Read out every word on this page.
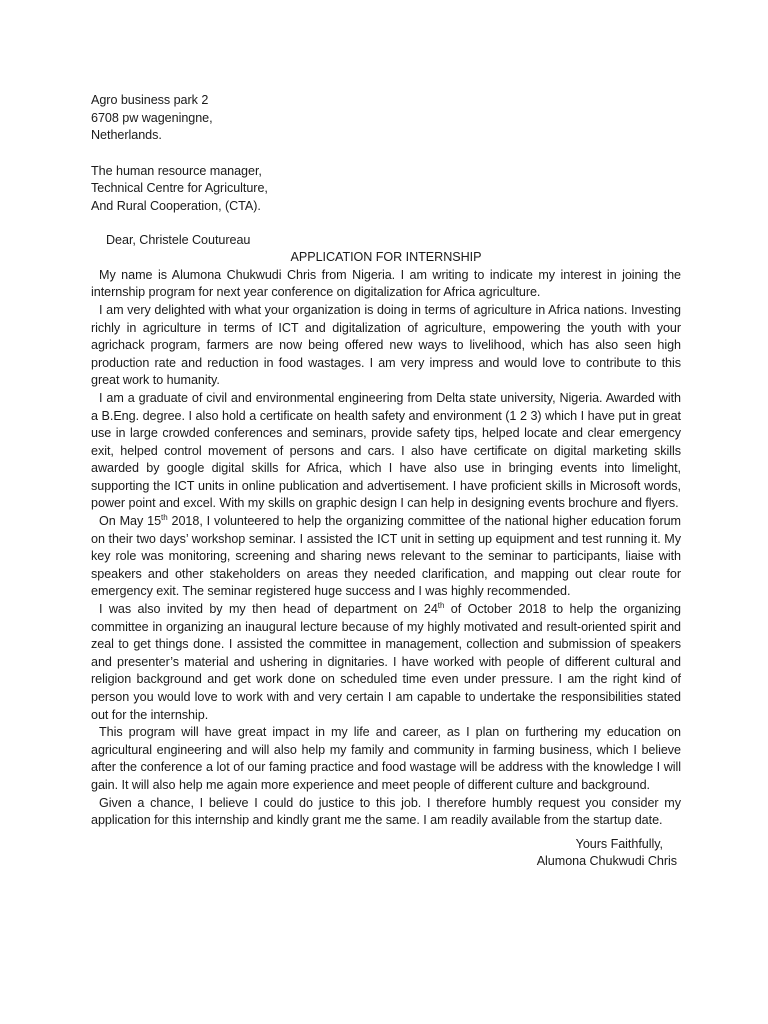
Agro business park 2
6708 pw wageningne,
Netherlands.
The human resource manager,
Technical Centre for Agriculture,
And Rural Cooperation, (CTA).
Dear, Christele Coutureau
APPLICATION FOR INTERNSHIP
My name is Alumona Chukwudi Chris from Nigeria. I am writing to indicate my interest in joining the internship program for next year conference on digitalization for Africa agriculture.
I am very delighted with what your organization is doing in terms of agriculture in Africa nations. Investing richly in agriculture in terms of ICT and digitalization of agriculture, empowering the youth with your agrichack program, farmers are now being offered new ways to livelihood, which has also seen high production rate and reduction in food wastages. I am very impress and would love to contribute to this great work to humanity.
I am a graduate of civil and environmental engineering from Delta state university, Nigeria. Awarded with a B.Eng. degree. I also hold a certificate on health safety and environment (1 2 3) which I have put in great use in large crowded conferences and seminars, provide safety tips, helped locate and clear emergency exit, helped control movement of persons and cars. I also have certificate on digital marketing skills awarded by google digital skills for Africa, which I have also use in bringing events into limelight, supporting the ICT units in online publication and advertisement. I have proficient skills in Microsoft words, power point and excel. With my skills on graphic design I can help in designing events brochure and flyers.
On May 15th 2018, I volunteered to help the organizing committee of the national higher education forum on their two days’ workshop seminar. I assisted the ICT unit in setting up equipment and test running it. My key role was monitoring, screening and sharing news relevant to the seminar to participants, liaise with speakers and other stakeholders on areas they needed clarification, and mapping out clear route for emergency exit. The seminar registered huge success and I was highly recommended.
I was also invited by my then head of department on 24th of October 2018 to help the organizing committee in organizing an inaugural lecture because of my highly motivated and result-oriented spirit and zeal to get things done. I assisted the committee in management, collection and submission of speakers and presenter’s material and ushering in dignitaries. I have worked with people of different cultural and religion background and get work done on scheduled time even under pressure. I am the right kind of person you would love to work with and very certain I am capable to undertake the responsibilities stated out for the internship.
This program will have great impact in my life and career, as I plan on furthering my education on agricultural engineering and will also help my family and community in farming business, which I believe after the conference a lot of our faming practice and food wastage will be address with the knowledge I will gain. It will also help me again more experience and meet people of different culture and background.
Given a chance, I believe I could do justice to this job. I therefore humbly request you consider my application for this internship and kindly grant me the same. I am readily available from the startup date.
Yours Faithfully,
Alumona Chukwudi Chris
